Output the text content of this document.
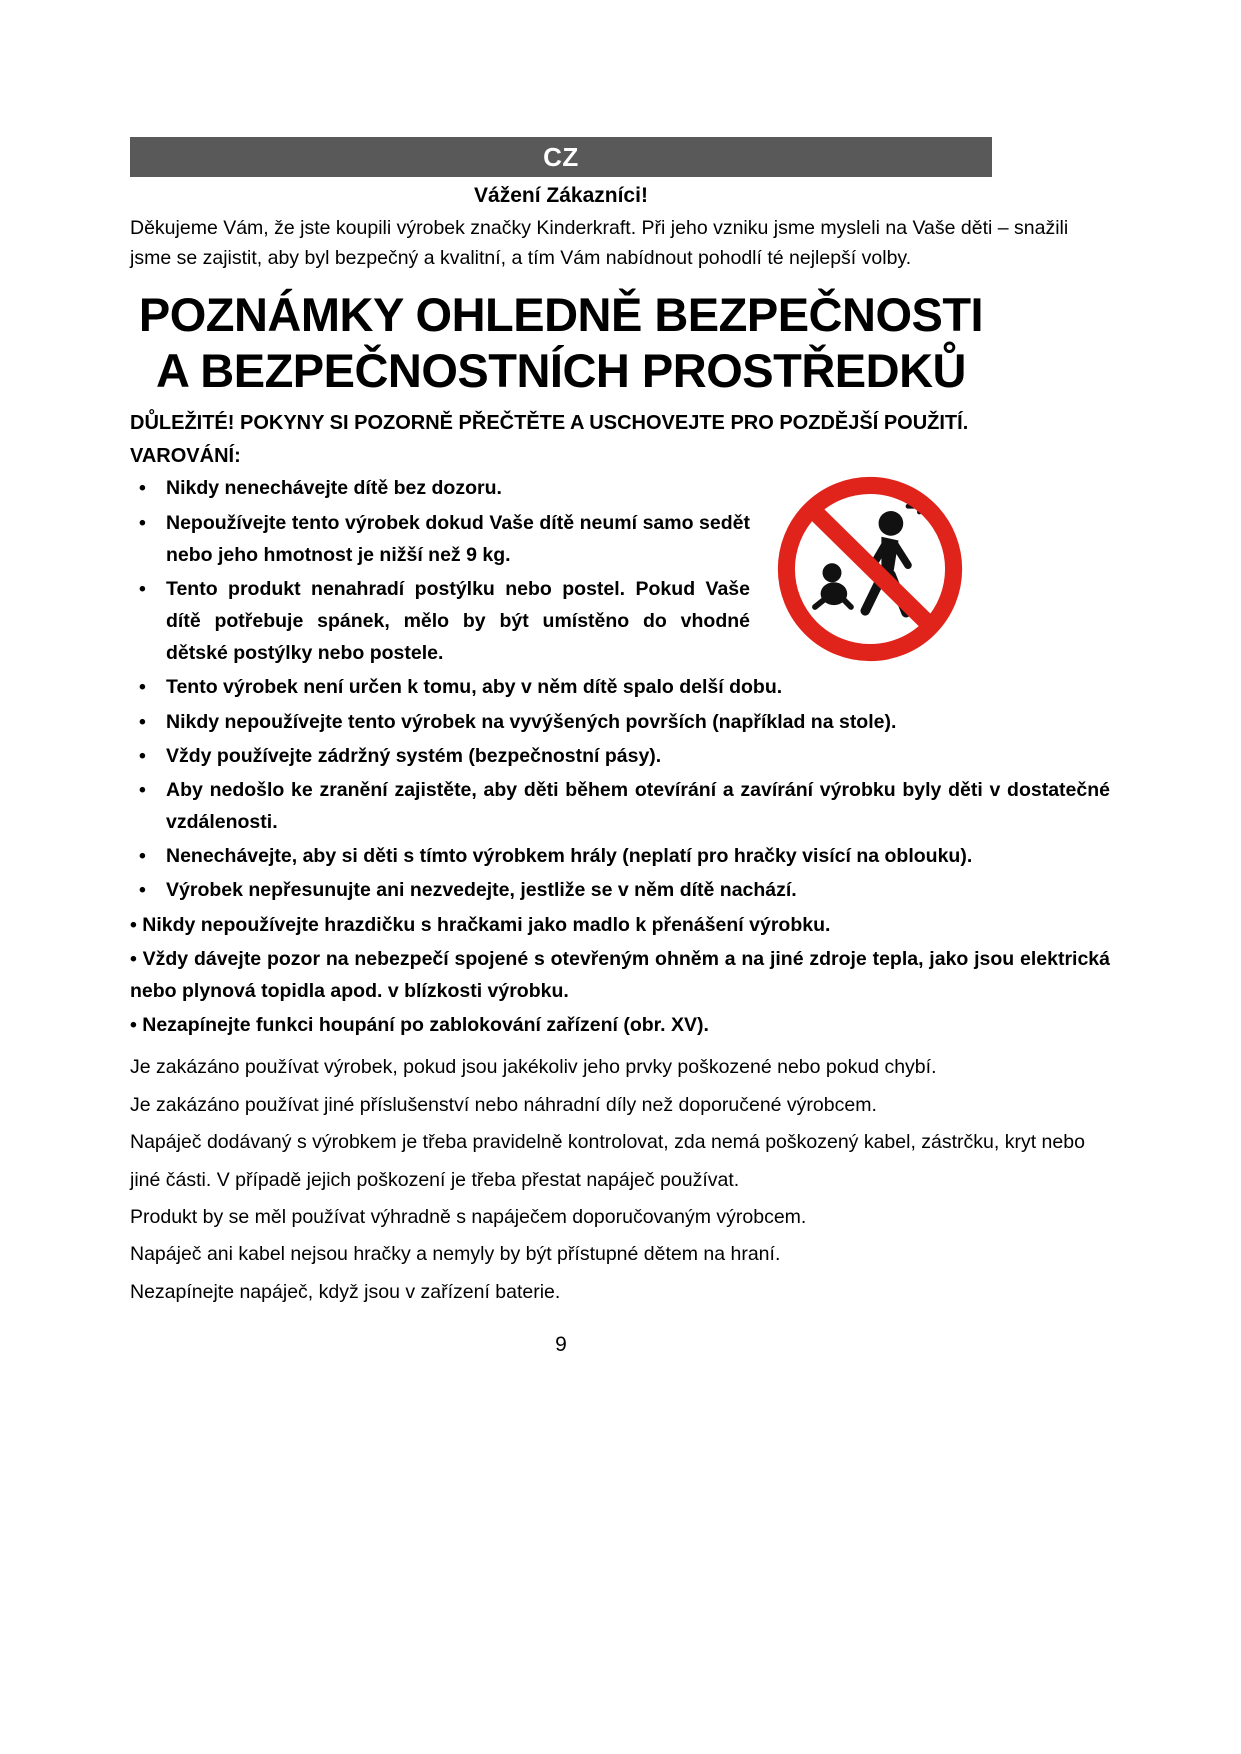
CZ
Vážení Zákazníci!

Děkujeme Vám, že jste koupili výrobek značky Kinderkraft. Při jeho vzniku jsme mysleli na Vaše děti – snažili jsme se zajistit, aby byl bezpečný a kvalitní, a tím Vám nabídnout pohodlí té nejlepší volby.

POZNÁMKY OHLEDNĚ BEZPEČNOSTI
A BEZPEČNOSTNÍCH PROSTŘEDKŮ

DŮLEŽITÉ! POKYNY SI POZORNĚ PŘEČTĚTE A USCHOVEJTE PRO POZDĚJŠÍ POUŽITÍ.

VAROVÁNÍ:
• Nikdy nenechávejte dítě bez dozoru.
• Nepoužívejte tento výrobek dokud Vaše dítě neumí samo sedět nebo jeho hmotnost je nižší než 9 kg.
• Tento produkt nenahradí postýlku nebo postel. Pokud Vaše dítě potřebuje spánek, mělo by být umístěno do vhodné dětské postýlky nebo postele.
• Tento výrobek není určen k tomu, aby v něm dítě spalo delší dobu.
• Nikdy nepoužívejte tento výrobek na vyvýšených površích (například na stole).
• Vždy používejte zádržný systém (bezpečnostní pásy).
• Aby nedošlo ke zranění zajistěte, aby děti během otevírání a zavírání výrobku byly děti v dostatečné vzdálenosti.
• Nenechávejte, aby si děti s tímto výrobkem hrály (neplatí pro hračky visící na oblouku).
• Výrobek nepřesunujte ani nezvedejte, jestliže se v něm dítě nachází.
• Nikdy nepoužívejte hrazdičku s hračkami jako madlo k přenášení výrobku.
• Vždy dávejte pozor na nebezpečí spojené s otevřeným ohněm a na jiné zdroje tepla, jako jsou elektrická nebo plynová topidla apod. v blízkosti výrobku.
• Nezapínejte funkci houpání po zablokování zařízení (obr. XV).

Je zakázáno používat výrobek, pokud jsou jakékoliv jeho prvky poškozené nebo pokud chybí.

Je zakázáno používat jiné příslušenství nebo náhradní díly než doporučené výrobcem.

Napáječ dodávaný s výrobkem je třeba pravidelně kontrolovat, zda nemá poškozený kabel, zástrčku, kryt nebo jiné části. V případě jejich poškození je třeba přestat napáječ používat.

Produkt by se měl používat výhradně s napáječem doporučovaným výrobcem.

Napáječ ani kabel nejsou hračky a nemyly by být přístupné dětem na hraní.

Nezapínejte napáječ, když jsou v zařízení baterie.

9
